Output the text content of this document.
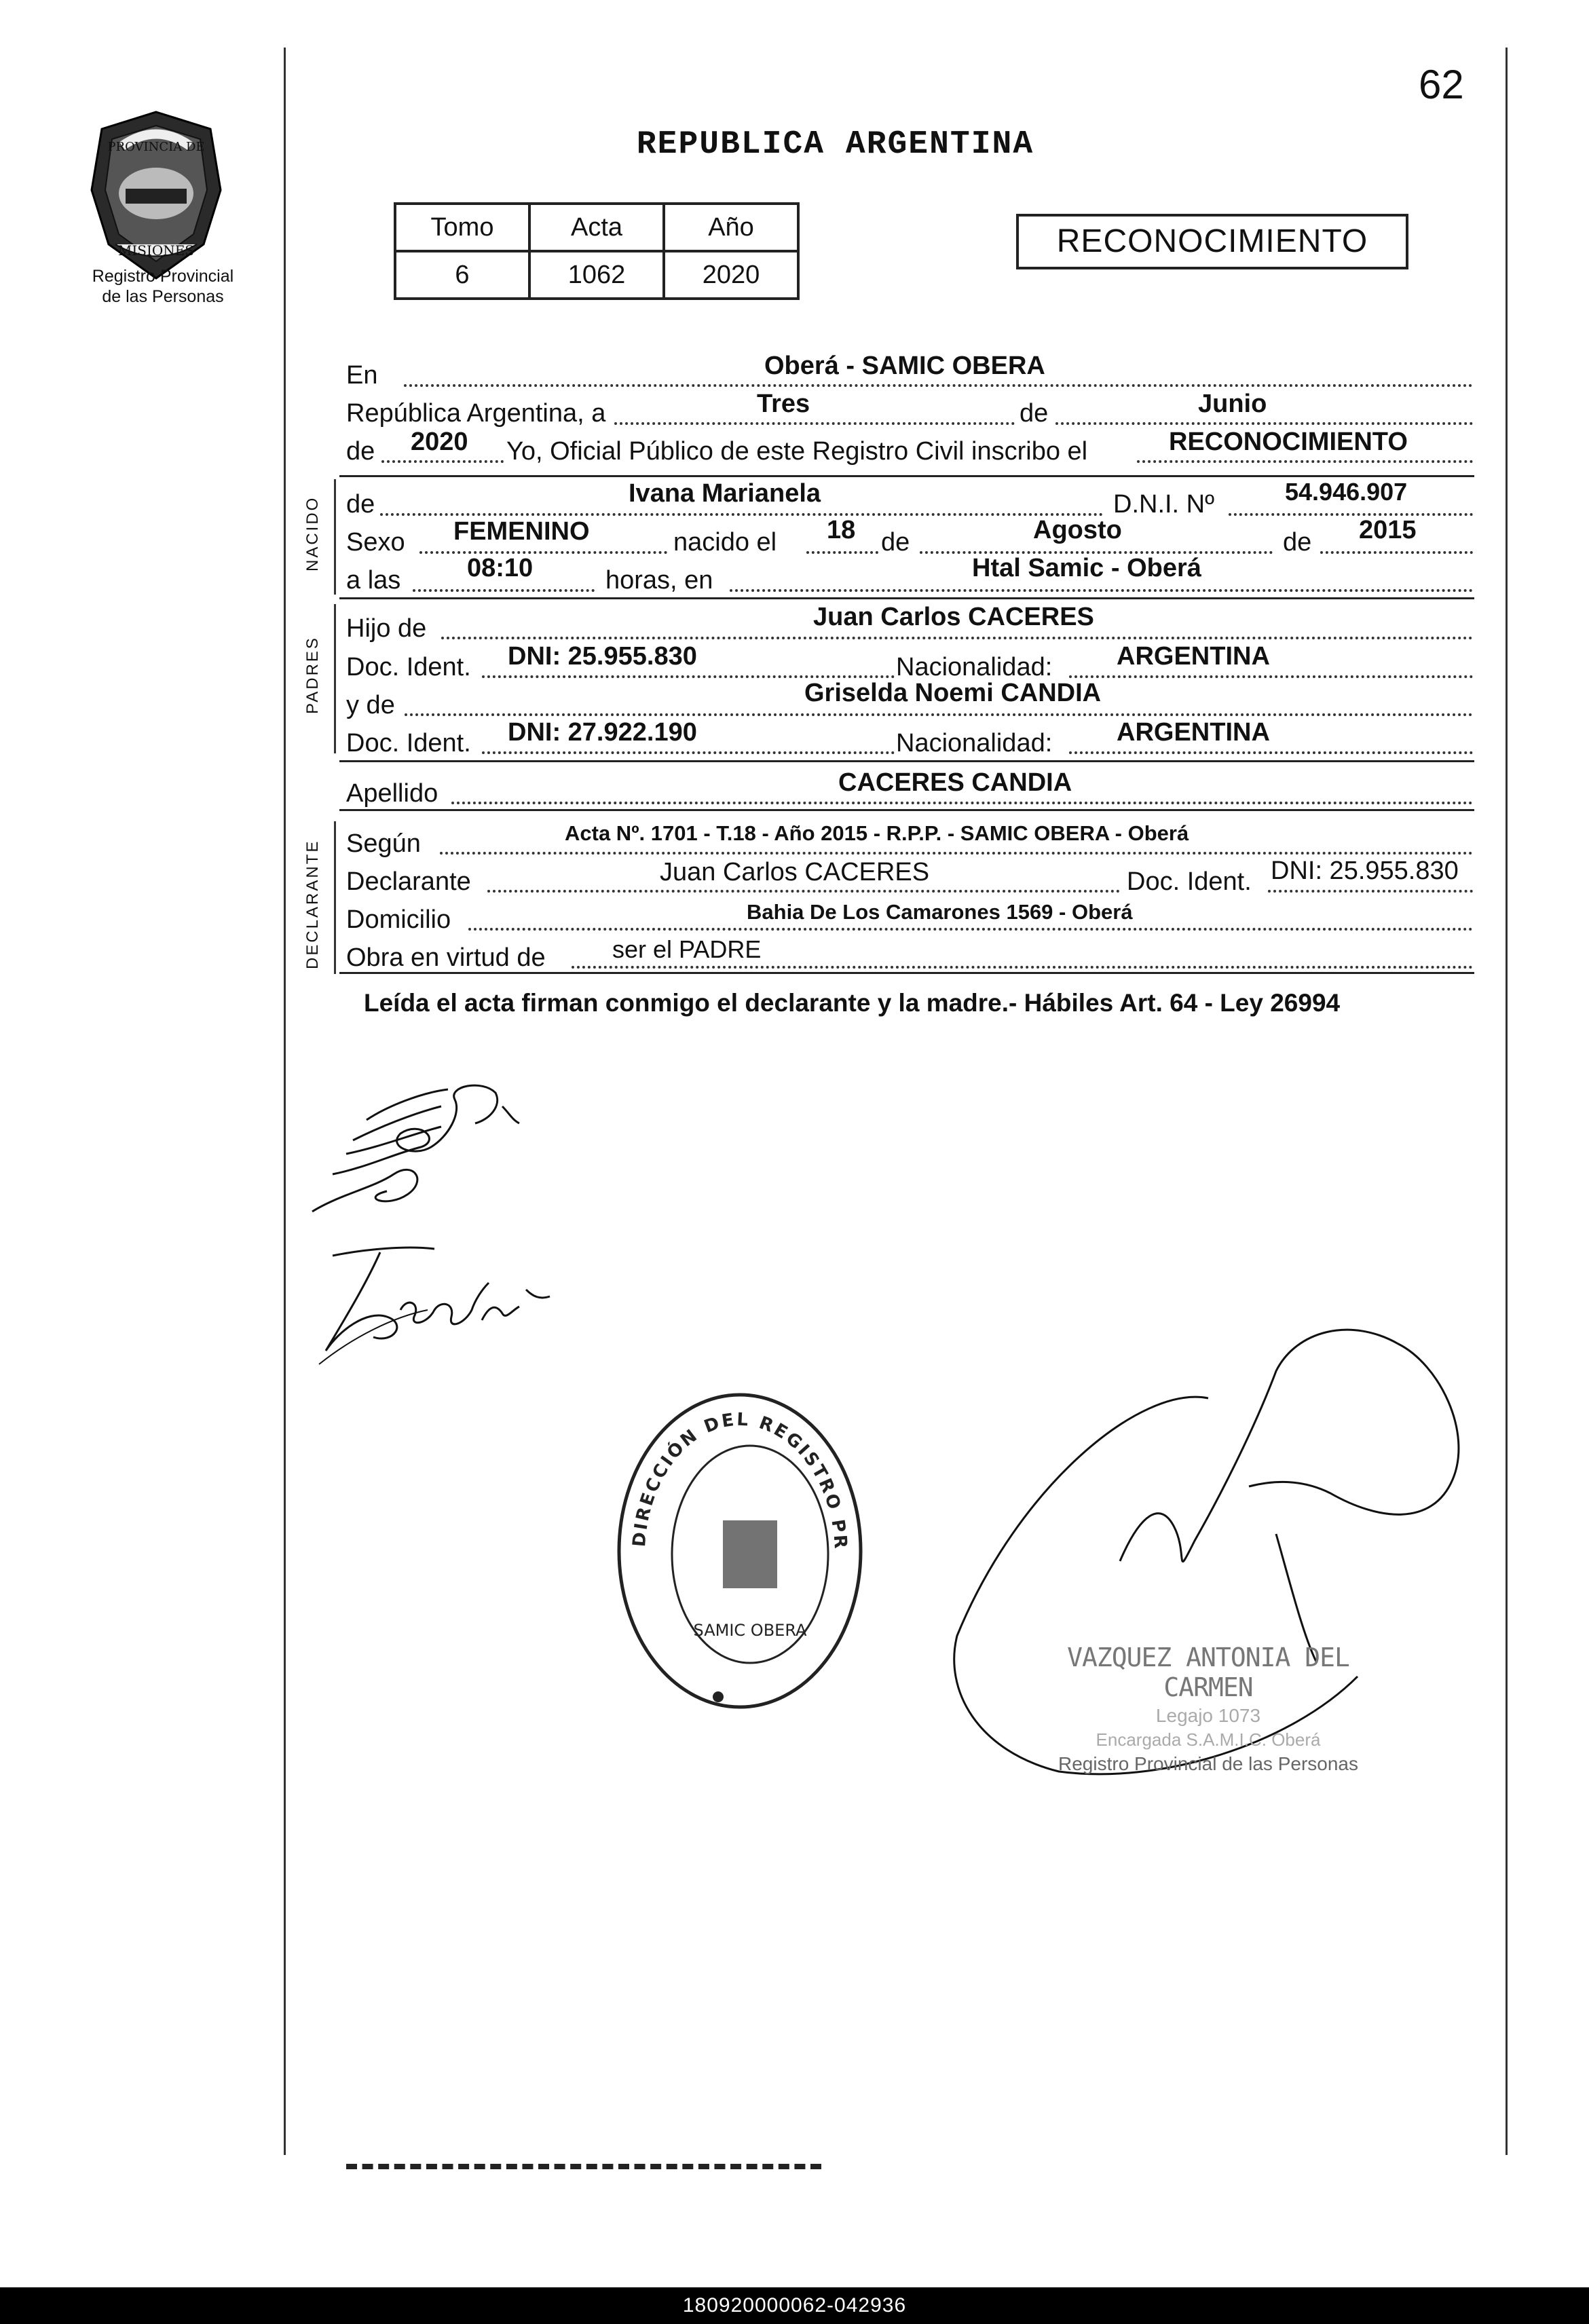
PROVINCIA DE
MISIONES
Registro Provincial
de las Personas
62
REPUBLICA ARGENTINA
Tomo	Acta	Año
6	1062	2020
RECONOCIMIENTO
En	Oberá - SAMIC OBERA
República Argentina, a	Tres	de	Junio
de 2020 Yo, Oficial Público de este Registro Civil inscribo el	RECONOCIMIENTO
NACIDO de	Ivana Marianela	D.N.I. Nº	54.946.907
Sexo FEMENINO	nacido el 18 de	Agosto	de 2015
a las	08:10	horas, en	Htal Samic - Oberá
PADRES
Hijo de	Juan Carlos CACERES
Doc. Ident. DNI: 25.955.830	Nacionalidad: ARGENTINA
y de	Griselda Noemi CANDIA
Doc. Ident. DNI: 27.922.190	Nacionalidad: ARGENTINA
Apellido	CACERES CANDIA
DECLARANTE Según	Acta Nº. 1701 - T.18 - Año 2015 - R.P.P. - SAMIC OBERA - Oberá
Declarante	Juan Carlos CACERES	Doc. Ident. DNI: 25.955.830
Domicilio	Bahia De Los Camarones 1569 - Oberá
Obra en virtud de	ser el PADRE
Leída el acta firman conmigo el declarante y la madre.- Hábiles Art. 64 - Ley 26994
DIRECCIÓN DEL REGISTRO PROVINCIAL DE LAS PERSONAS
SAMIC OBERA
VAZQUEZ ANTONIA DEL CARMEN
Legajo 1073
Encargada S.A.M.I.C. Oberá
Registro Provincial de las Personas
180920000062-042936
